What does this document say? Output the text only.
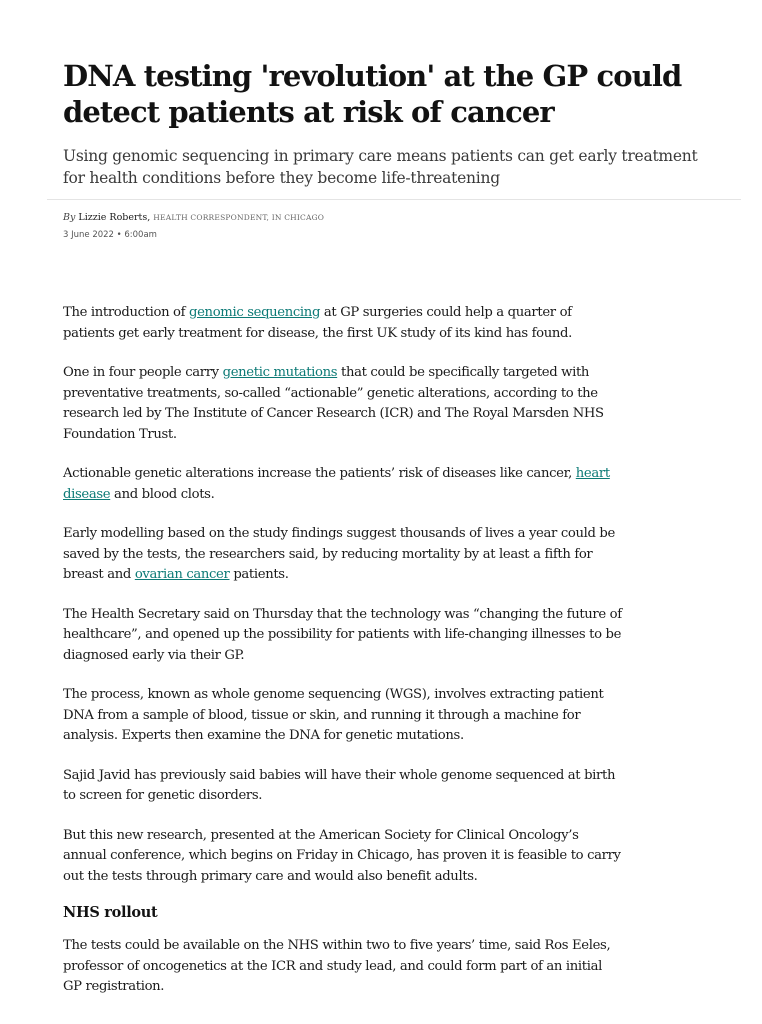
DNA testing 'revolution' at the GP could detect patients at risk of cancer

Using genomic sequencing in primary care means patients can get early treatment for health conditions before they become life-threatening

By Lizzie Roberts, HEALTH CORRESPONDENT, IN CHICAGO
3 June 2022 • 6:00am

The introduction of genomic sequencing at GP surgeries could help a quarter of patients get early treatment for disease, the first UK study of its kind has found.

One in four people carry genetic mutations that could be specifically targeted with preventative treatments, so-called “actionable” genetic alterations, according to the research led by The Institute of Cancer Research (ICR) and The Royal Marsden NHS Foundation Trust.

Actionable genetic alterations increase the patients’ risk of diseases like cancer, heart disease and blood clots.

Early modelling based on the study findings suggest thousands of lives a year could be saved by the tests, the researchers said, by reducing mortality by at least a fifth for breast and ovarian cancer patients.

The Health Secretary said on Thursday that the technology was “changing the future of healthcare”, and opened up the possibility for patients with life-changing illnesses to be diagnosed early via their GP.

The process, known as whole genome sequencing (WGS), involves extracting patient DNA from a sample of blood, tissue or skin, and running it through a machine for analysis. Experts then examine the DNA for genetic mutations.

Sajid Javid has previously said babies will have their whole genome sequenced at birth to screen for genetic disorders.

But this new research, presented at the American Society for Clinical Oncology’s annual conference, which begins on Friday in Chicago, has proven it is feasible to carry out the tests through primary care and would also benefit adults.

NHS rollout

The tests could be available on the NHS within two to five years’ time, said Ros Eeles, professor of oncogenetics at the ICR and study lead, and could form part of an initial GP registration.
